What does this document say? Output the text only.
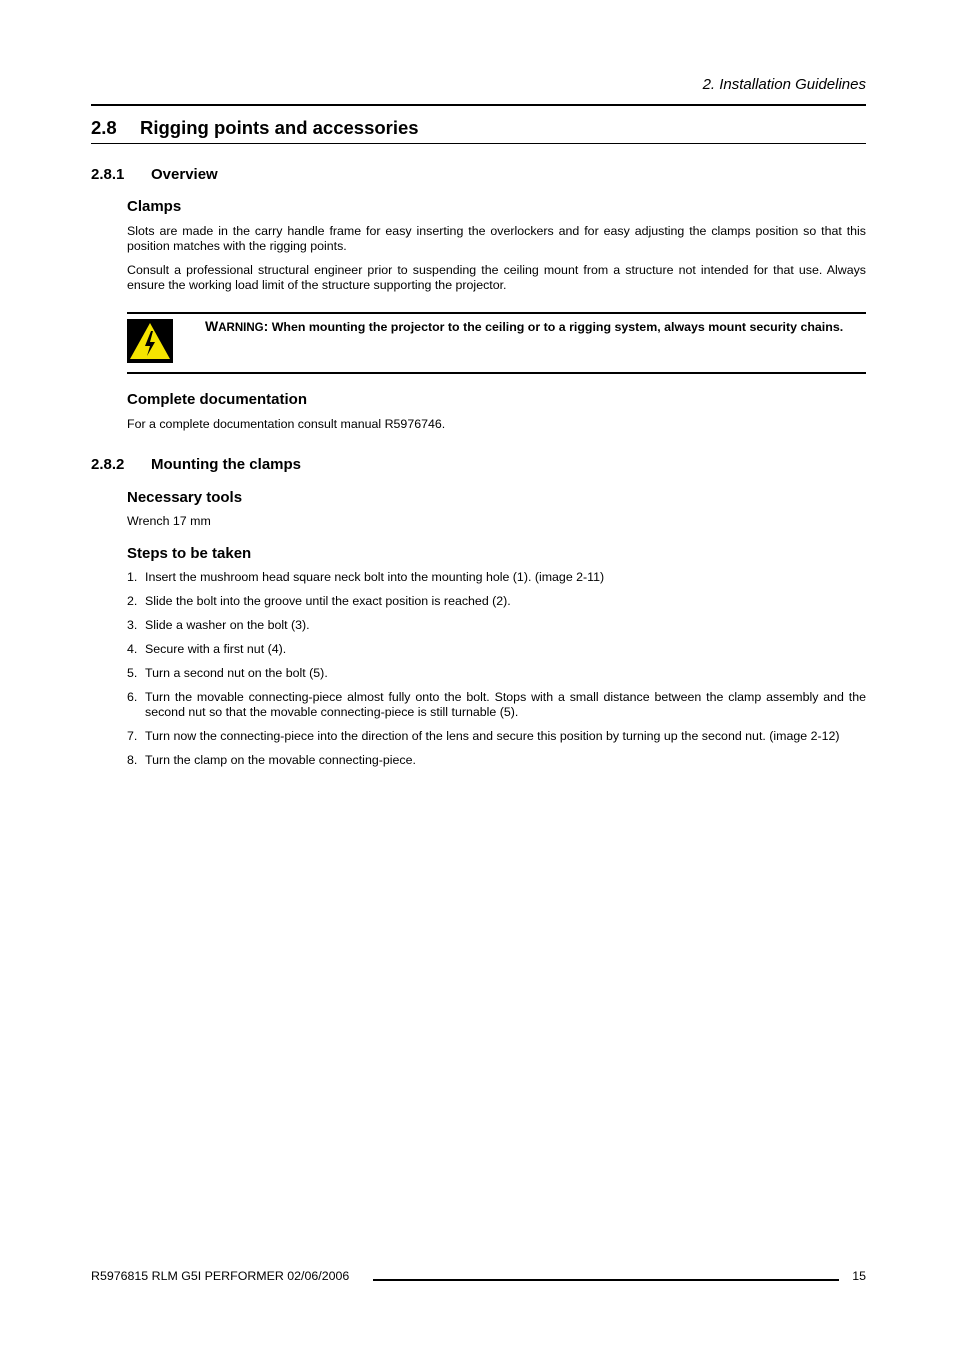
2. Installation Guidelines
2.8 Rigging points and accessories
2.8.1 Overview
Clamps
Slots are made in the carry handle frame for easy inserting the overlockers and for easy adjusting the clamps position so that this position matches with the rigging points.
Consult a professional structural engineer prior to suspending the ceiling mount from a structure not intended for that use. Always ensure the working load limit of the structure supporting the projector.
WARNING: When mounting the projector to the ceiling or to a rigging system, always mount security chains.
Complete documentation
For a complete documentation consult manual R5976746.
2.8.2 Mounting the clamps
Necessary tools
Wrench 17 mm
Steps to be taken
1. Insert the mushroom head square neck bolt into the mounting hole (1). (image 2-11)
2. Slide the bolt into the groove until the exact position is reached (2).
3. Slide a washer on the bolt (3).
4. Secure with a first nut (4).
5. Turn a second nut on the bolt (5).
6. Turn the movable connecting-piece almost fully onto the bolt. Stops with a small distance between the clamp assembly and the second nut so that the movable connecting-piece is still turnable (5).
7. Turn now the connecting-piece into the direction of the lens and secure this position by turning up the second nut. (image 2-12)
8. Turn the clamp on the movable connecting-piece.
R5976815 RLM G5I PERFORMER 02/06/2006	15
